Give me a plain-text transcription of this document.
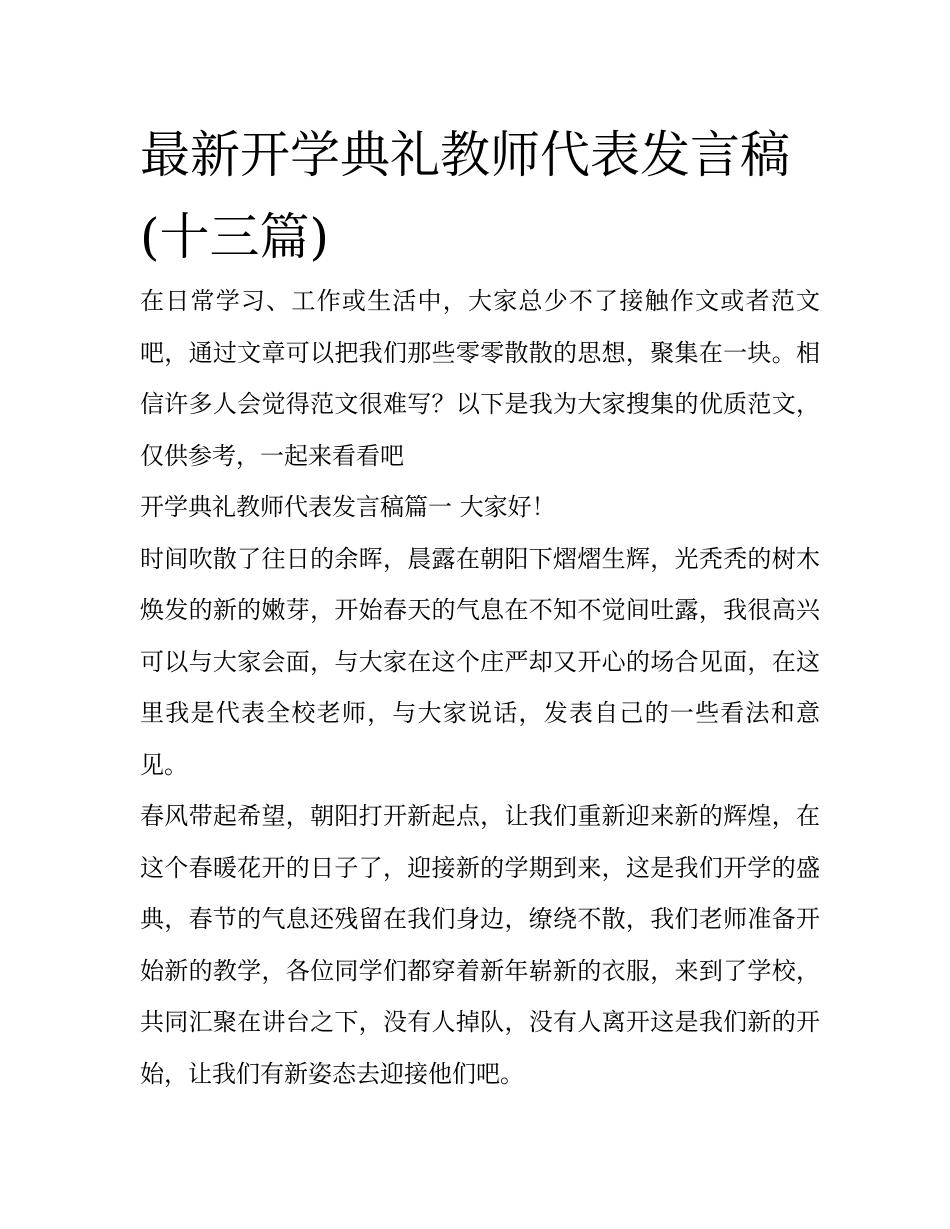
最新开学典礼教师代表发言稿(十三篇)

在日常学习、工作或生活中，大家总少不了接触作文或者范文吧，通过文章可以把我们那些零零散散的思想，聚集在一块。相信许多人会觉得范文很难写？以下是我为大家搜集的优质范文，仅供参考，一起来看看吧

开学典礼教师代表发言稿篇一 大家好！

时间吹散了往日的余晖，晨露在朝阳下熠熠生辉，光秃秃的树木焕发的新的嫩芽，开始春天的气息在不知不觉间吐露，我很高兴可以与大家会面，与大家在这个庄严却又开心的场合见面，在这里我是代表全校老师，与大家说话，发表自己的一些看法和意见。

春风带起希望，朝阳打开新起点，让我们重新迎来新的辉煌，在这个春暖花开的日子了，迎接新的学期到来，这是我们开学的盛典，春节的气息还残留在我们身边，缭绕不散，我们老师准备开始新的教学，各位同学们都穿着新年崭新的衣服，来到了学校，共同汇聚在讲台之下，没有人掉队，没有人离开这是我们新的开始，让我们有新姿态去迎接他们吧。
